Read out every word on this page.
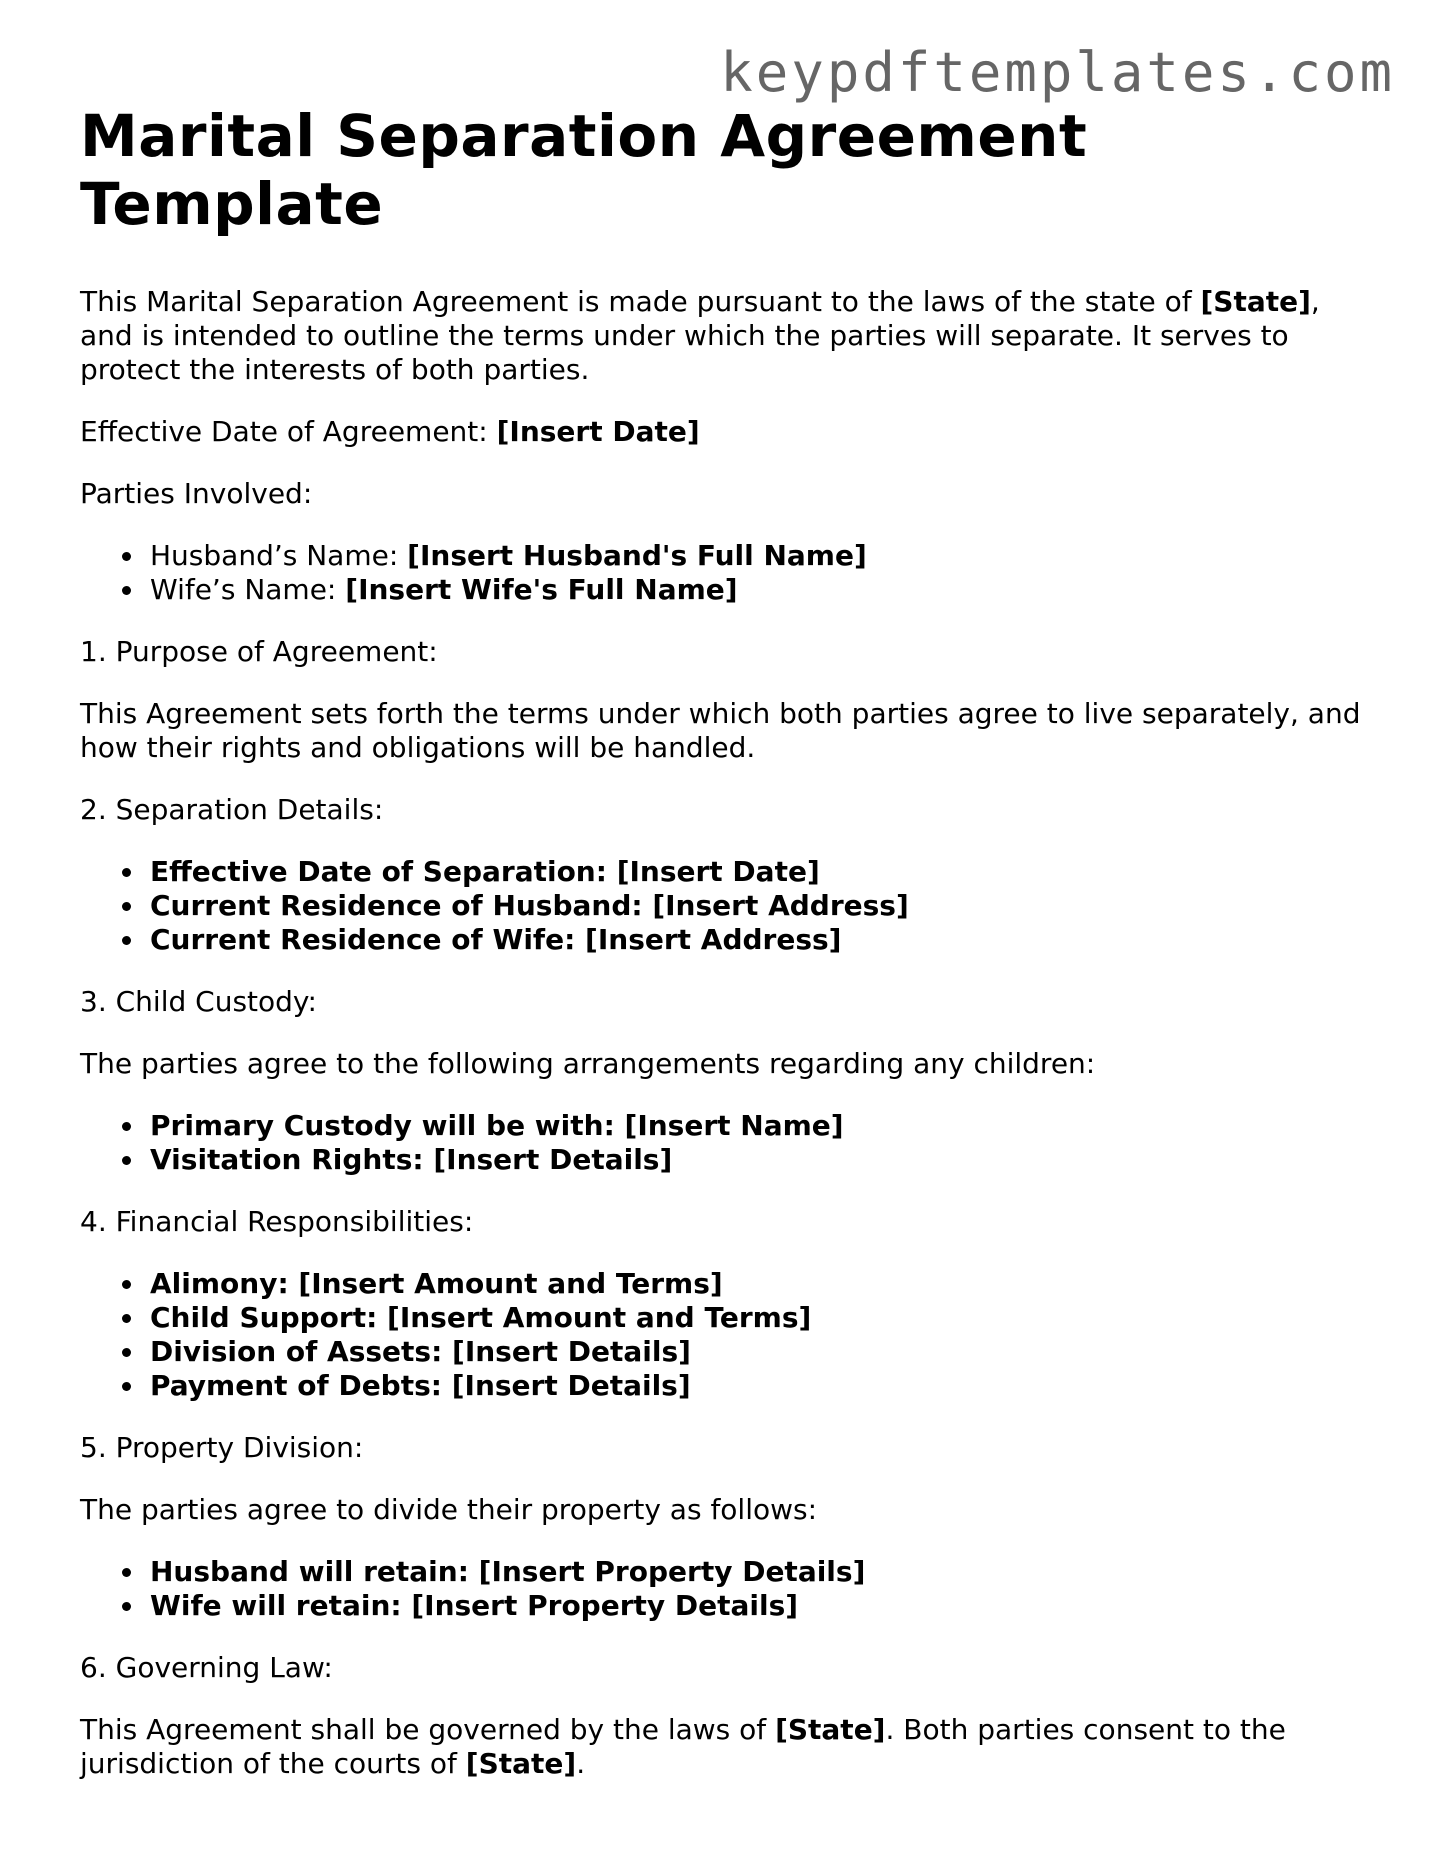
keypdftemplates.com
Marital Separation Agreement Template

This Marital Separation Agreement is made pursuant to the laws of the state of [State], and is intended to outline the terms under which the parties will separate. It serves to protect the interests of both parties.

Effective Date of Agreement: [Insert Date]

Parties Involved:

Husband’s Name: [Insert Husband's Full Name]
Wife’s Name: [Insert Wife's Full Name]

1. Purpose of Agreement:

This Agreement sets forth the terms under which both parties agree to live separately, and how their rights and obligations will be handled.

2. Separation Details:

Effective Date of Separation: [Insert Date]
Current Residence of Husband: [Insert Address]
Current Residence of Wife: [Insert Address]

3. Child Custody:

The parties agree to the following arrangements regarding any children:

Primary Custody will be with: [Insert Name]
Visitation Rights: [Insert Details]

4. Financial Responsibilities:

Alimony: [Insert Amount and Terms]
Child Support: [Insert Amount and Terms]
Division of Assets: [Insert Details]
Payment of Debts: [Insert Details]

5. Property Division:

The parties agree to divide their property as follows:

Husband will retain: [Insert Property Details]
Wife will retain: [Insert Property Details]

6. Governing Law:

This Agreement shall be governed by the laws of [State]. Both parties consent to the jurisdiction of the courts of [State].
